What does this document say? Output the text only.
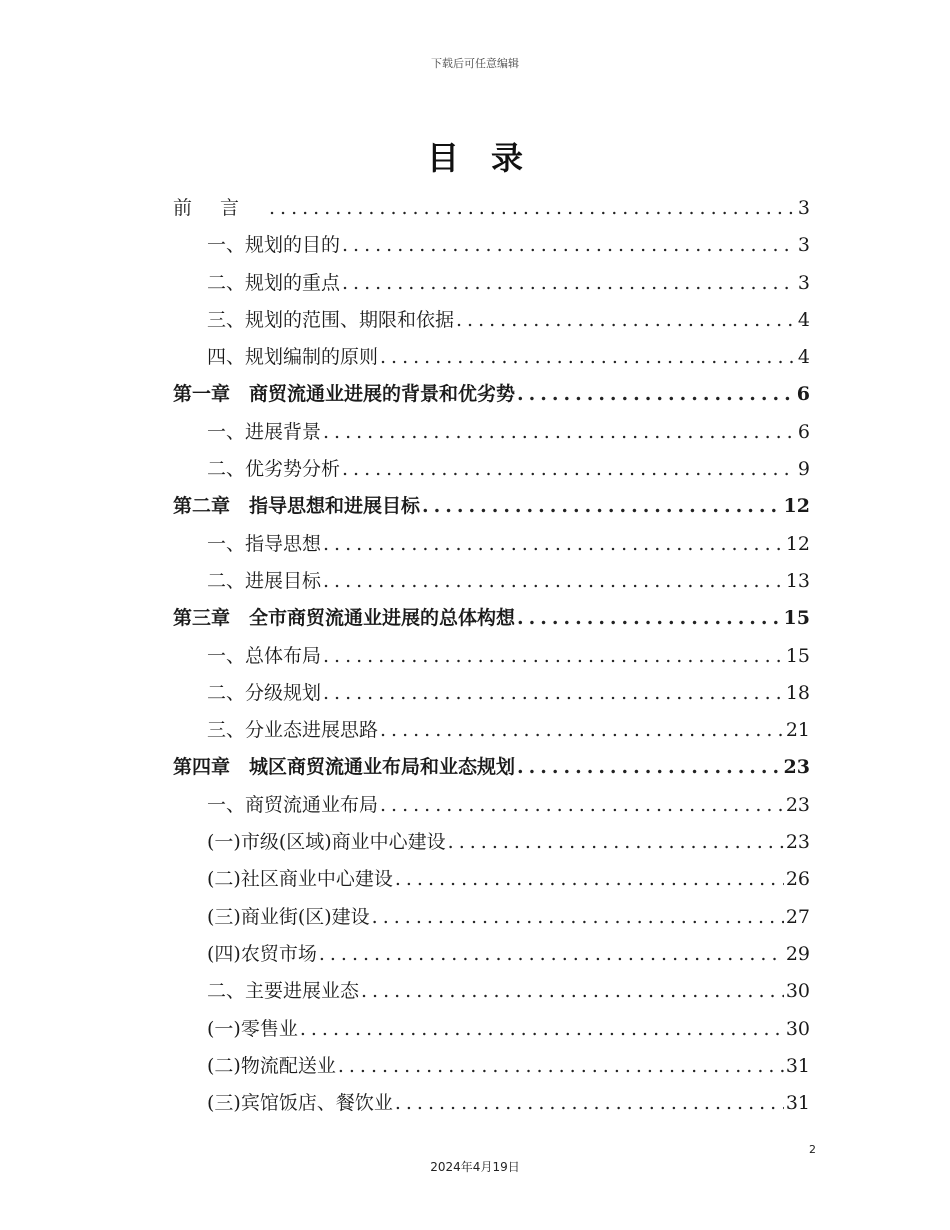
下载后可任意编辑
目录
前言 .....	3
一、规划的目的 .....	3
二、规划的重点 .....	3
三、规划的范围、期限和依据 .....	4
四、规划编制的原则 .....	4
第一章　商贸流通业进展的背景和优劣势 .....	6
一、进展背景 .....	6
二、优劣势分析 .....	9
第二章　指导思想和进展目标 .....	12
一、指导思想 .....	12
二、进展目标 .....	13
第三章　全市商贸流通业进展的总体构想 .....	15
一、总体布局 .....	15
二、分级规划 .....	18
三、分业态进展思路 .....	21
第四章　城区商贸流通业布局和业态规划 .....	23
一、商贸流通业布局 .....	23
(一)市级(区域)商业中心建设 .....	23
(二)社区商业中心建设 .....	26
(三)商业街(区)建设 .....	27
(四)农贸市场 .....	29
二、主要进展业态 .....	30
(一)零售业 .....	30
(二)物流配送业 .....	31
(三)宾馆饭店、餐饮业 .....	31
2
2024年4月19日
